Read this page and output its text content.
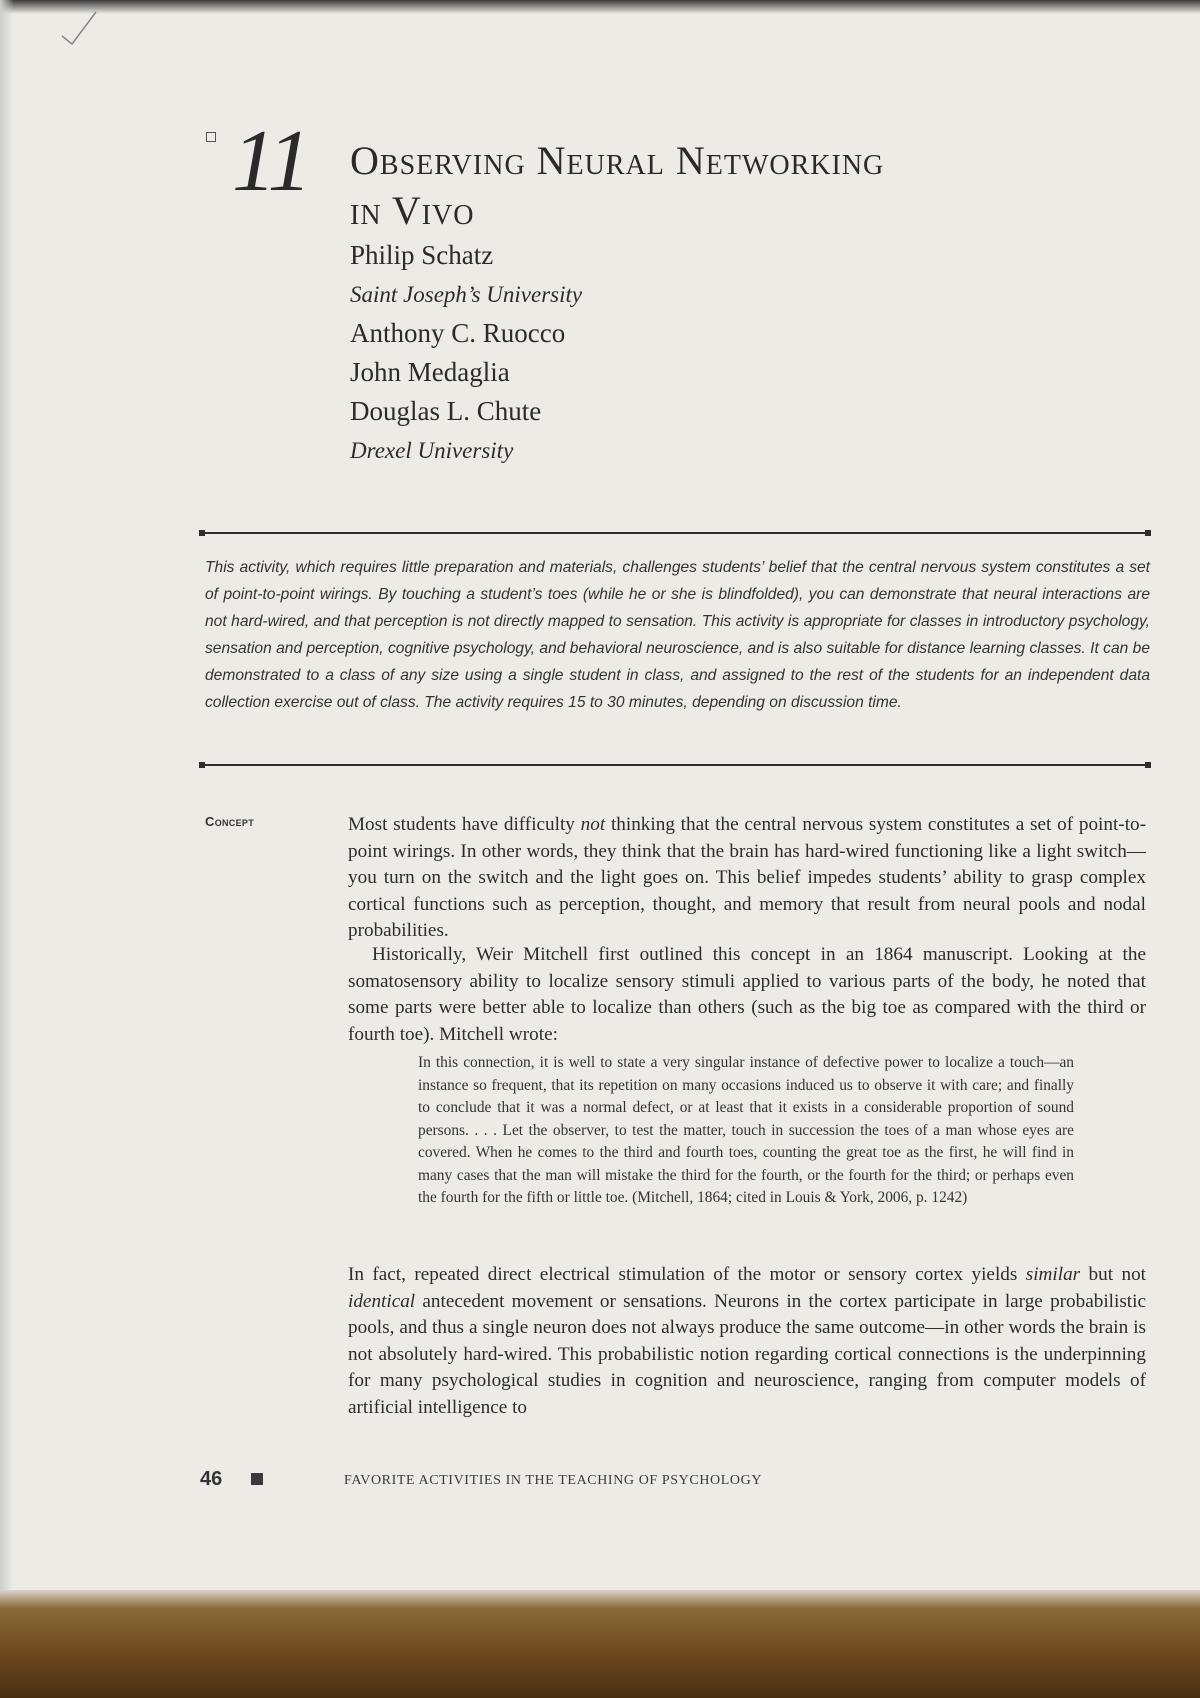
11 Observing Neural Networking
in Vivo
Philip Schatz
Saint Joseph’s University
Anthony C. Ruocco
John Medaglia
Douglas L. Chute
Drexel University

This activity, which requires little preparation and materials, challenges students’ belief that the central nervous system constitutes a set of point-to-point wirings. By touching a student’s toes (while he or she is blindfolded), you can demonstrate that neural interactions are not hard-wired, and that perception is not directly mapped to sensation. This activity is appropriate for classes in introductory psychology, sensation and perception, cognitive psychology, and behavioral neuroscience, and is also suitable for distance learning classes. It can be demonstrated to a class of any size using a single student in class, and assigned to the rest of the students for an independent data collection exercise out of class. The activity requires 15 to 30 minutes, depending on discussion time.

Concept	Most students have difficulty not thinking that the central nervous system constitutes a set of point-to-point wirings. In other words, they think that the brain has hard-wired functioning like a light switch—you turn on the switch and the light goes on. This belief impedes students’ ability to grasp complex cortical functions such as perception, thought, and memory that result from neural pools and nodal probabilities.

Historically, Weir Mitchell first outlined this concept in an 1864 manuscript. Looking at the somatosensory ability to localize sensory stimuli applied to various parts of the body, he noted that some parts were better able to localize than others (such as the big toe as compared with the third or fourth toe). Mitchell wrote:

In this connection, it is well to state a very singular instance of defective power to localize a touch—an instance so frequent, that its repetition on many occasions induced us to observe it with care; and finally to conclude that it was a normal defect, or at least that it exists in a considerable proportion of sound persons. . . . Let the observer, to test the matter, touch in succession the toes of a man whose eyes are covered. When he comes to the third and fourth toes, counting the great toe as the first, he will find in many cases that the man will mistake the third for the fourth, or the fourth for the third; or perhaps even the fourth for the fifth or little toe. (Mitchell, 1864; cited in Louis & York, 2006, p. 1242)

In fact, repeated direct electrical stimulation of the motor or sensory cortex yields similar but not identical antecedent movement or sensations. Neurons in the cortex participate in large probabilistic pools, and thus a single neuron does not always produce the same outcome—in other words the brain is not absolutely hard-wired. This probabilistic notion regarding cortical connections is the underpinning for many psychological studies in cognition and neuroscience, ranging from computer models of artificial intelligence to

46	FAVORITE ACTIVITIES IN THE TEACHING OF PSYCHOLOGY
